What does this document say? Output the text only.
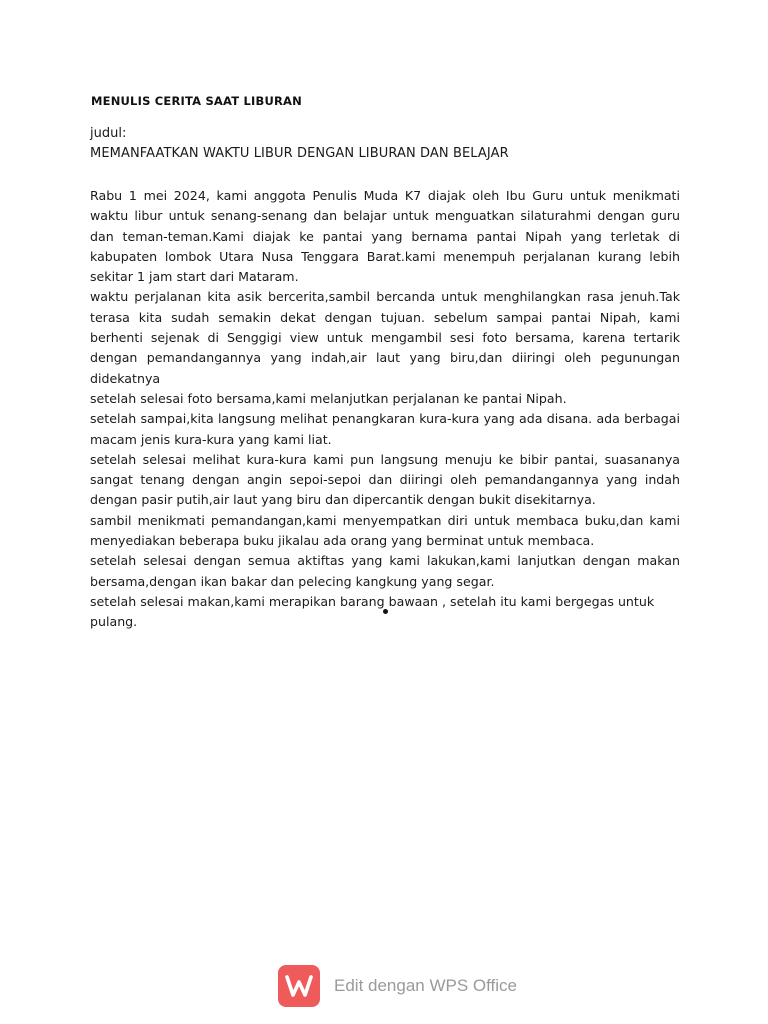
MENULIS CERITA SAAT LIBURAN
judul:
MEMANFAATKAN WAKTU LIBUR DENGAN LIBURAN DAN BELAJAR

Rabu 1 mei 2024, kami anggota Penulis Muda K7 diajak oleh Ibu Guru untuk menikmati waktu libur untuk senang-senang dan belajar untuk menguatkan silaturahmi dengan guru dan teman-teman.Kami diajak ke pantai yang bernama pantai Nipah yang terletak di kabupaten lombok Utara Nusa Tenggara Barat.kami menempuh perjalanan kurang lebih sekitar 1 jam start dari Mataram.

waktu perjalanan kita asik bercerita,sambil bercanda untuk menghilangkan rasa jenuh.Tak terasa kita sudah semakin dekat dengan tujuan. sebelum sampai pantai Nipah, kami berhenti sejenak di Senggigi view untuk mengambil sesi foto bersama, karena tertarik dengan pemandangannya yang indah,air laut yang biru,dan diiringi oleh pegunungan didekatnya

setelah selesai foto bersama,kami melanjutkan perjalanan ke pantai Nipah.

setelah sampai,kita langsung melihat penangkaran kura-kura yang ada disana. ada berbagai macam jenis kura-kura yang kami liat.

setelah selesai melihat kura-kura kami pun langsung menuju ke bibir pantai, suasananya sangat tenang dengan angin sepoi-sepoi dan diiringi oleh pemandangannya yang indah dengan pasir putih,air laut yang biru dan dipercantik dengan bukit disekitarnya.

sambil menikmati pemandangan,kami menyempatkan diri untuk membaca buku,dan kami menyediakan beberapa buku jikalau ada orang yang berminat untuk membaca.

setelah selesai dengan semua aktiftas yang kami lakukan,kami lanjutkan dengan makan bersama,dengan ikan bakar dan pelecing kangkung yang segar.

setelah selesai makan,kami merapikan barang bawaan , setelah itu kami bergegas untuk pulang.

Edit dengan WPS Office
